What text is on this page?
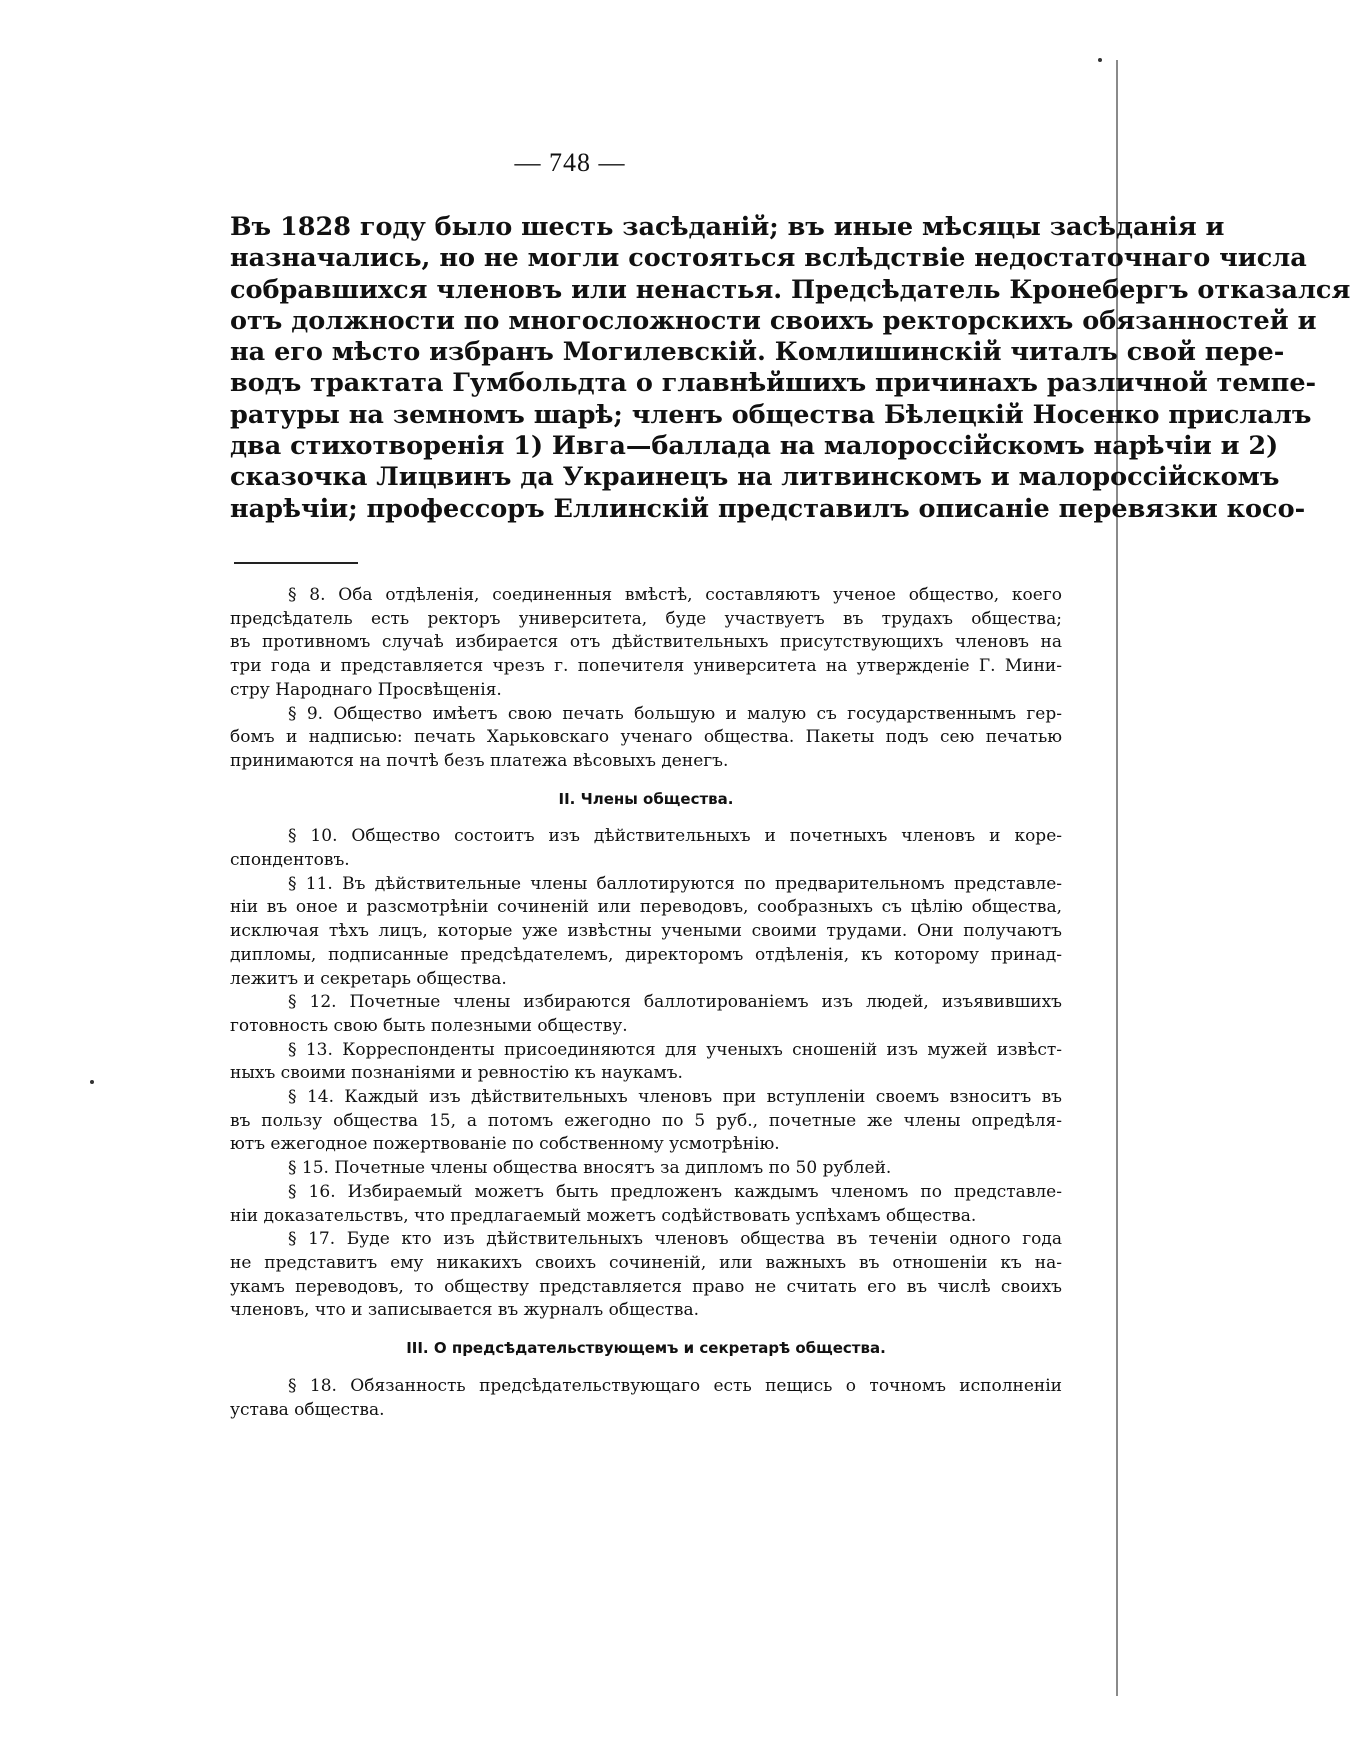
— 748 —
Въ 1828 году было шесть засѣданій; въ иные мѣсяцы засѣданія и
назначались, но не могли состояться вслѣдствіе недостаточнаго числа
собравшихся членовъ или ненастья. Предсѣдатель Кронебергъ отказался
отъ должности по многосложности своихъ ректорскихъ обязанностей и
на его мѣсто избранъ Могилевскій. Комлишинскій читалъ свой перe-
водъ трактата Гумбольдта о главнѣйшихъ причинахъ различной темпе-
ратуры на земномъ шарѣ; членъ общества Бѣлецкій Носенко прислалъ
два стихотворенія 1) Ивга—баллада на малороссійскомъ нарѣчіи и 2)
сказочка Лицвинъ да Украинецъ на литвинскомъ и малороссійскомъ
нарѣчіи; профессоръ Еллинскій представилъ описаніе перевязки косо-
§ 8. Оба отдѣленія, соединенныя вмѣстѣ, составляютъ ученое общество, коего
предсѣдатель есть ректоръ университета, буде участвуетъ въ трудахъ общества;
въ противномъ случаѣ избирается отъ дѣйствительныхъ присутствующихъ членовъ на
три года и представляется чрезъ г. попечителя университета на утвержденіе Г. Мини-
стру Народнаго Просвѣщенія.
§ 9. Общество имѣетъ свою печать большую и малую съ государственнымъ гер-
бомъ и надписью: печать Харьковскаго ученаго общества. Пакеты подъ сею печатью
принимаются на почтѣ безъ платежа вѣсовыхъ денегъ.
II. Члены общества.
§ 10. Общество состоитъ изъ дѣйствительныхъ и почетныхъ членовъ и коре-
спондентовъ.
§ 11. Въ дѣйствительные члены баллотируются по предварительномъ представле-
ніи въ оное и разсмотрѣніи сочиненій или переводовъ, сообразныхъ съ цѣлію общества,
исключая тѣхъ лицъ, которые уже извѣстны учеными своими трудами. Они получаютъ
дипломы, подписанные предсѣдателемъ, директоромъ отдѣленія, къ которому принад-
лежитъ и секретарь общества.
§ 12. Почетные члены избираются баллотированіемъ изъ людей, изъявившихъ
готовность свою быть полезными обществу.
§ 13. Корреспонденты присоединяются для ученыхъ сношеній изъ мужей извѣст-
ныхъ своими познаніями и ревностію къ наукамъ.
§ 14. Каждый изъ дѣйствительныхъ членовъ при вступленіи своемъ взноситъ въ
въ пользу общества 15, а потомъ ежегодно по 5 руб., почетные же члены опредѣля-
ютъ ежегодное пожертвованіе по собственному усмотрѣнію.
§ 15. Почетные члены общества вносятъ за дипломъ по 50 рублей.
§ 16. Избираемый можетъ быть предложенъ каждымъ членомъ по представле-
ніи доказательствъ, что предлагаемый можетъ содѣйствовать успѣхамъ общества.
§ 17. Буде кто изъ дѣйствительныхъ членовъ общества въ теченіи одного года
не представитъ ему никакихъ своихъ сочиненій, или важныхъ въ отношеніи къ на-
укамъ переводовъ, то обществу представляется право не считать его въ числѣ своихъ
членовъ, что и записывается въ журналъ общества.
III. О предсѣдательствующемъ и секретарѣ общества.
§ 18. Обязанность предсѣдательствующаго есть пещись о точномъ исполненіи
устава общества.
